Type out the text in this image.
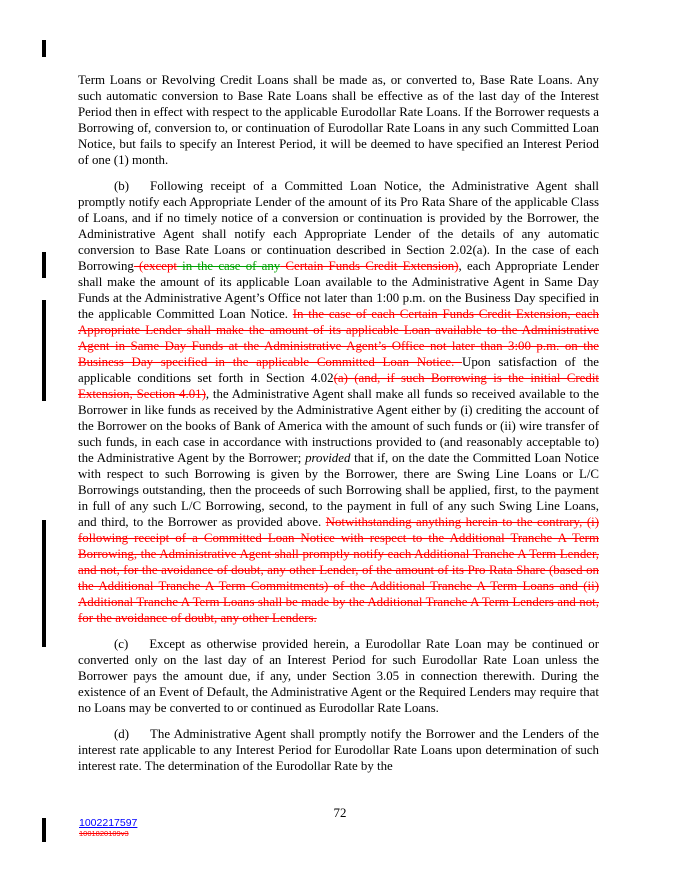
Term Loans or Revolving Credit Loans shall be made as, or converted to, Base Rate Loans. Any such automatic conversion to Base Rate Loans shall be effective as of the last day of the Interest Period then in effect with respect to the applicable Eurodollar Rate Loans. If the Borrower requests a Borrowing of, conversion to, or continuation of Eurodollar Rate Loans in any such Committed Loan Notice, but fails to specify an Interest Period, it will be deemed to have specified an Interest Period of one (1) month.

(b) Following receipt of a Committed Loan Notice, the Administrative Agent shall promptly notify each Appropriate Lender of the amount of its Pro Rata Share of the applicable Class of Loans, and if no timely notice of a conversion or continuation is provided by the Borrower, the Administrative Agent shall notify each Appropriate Lender of the details of any automatic conversion to Base Rate Loans or continuation described in Section 2.02(a). In the case of each Borrowing (except in the case of any Certain Funds Credit Extension), each Appropriate Lender shall make the amount of its applicable Loan available to the Administrative Agent in Same Day Funds at the Administrative Agent’s Office not later than 1:00 p.m. on the Business Day specified in the applicable Committed Loan Notice. In the case of each Certain Funds Credit Extension, each Appropriate Lender shall make the amount of its applicable Loan available to the Administrative Agent in Same Day Funds at the Administrative Agent’s Office not later than 3:00 p.m. on the Business Day specified in the applicable Committed Loan Notice. Upon satisfaction of the applicable conditions set forth in Section 4.02(a) (and, if such Borrowing is the initial Credit Extension, Section 4.01), the Administrative Agent shall make all funds so received available to the Borrower in like funds as received by the Administrative Agent either by (i) crediting the account of the Borrower on the books of Bank of America with the amount of such funds or (ii) wire transfer of such funds, in each case in accordance with instructions provided to (and reasonably acceptable to) the Administrative Agent by the Borrower; provided that if, on the date the Committed Loan Notice with respect to such Borrowing is given by the Borrower, there are Swing Line Loans or L/C Borrowings outstanding, then the proceeds of such Borrowing shall be applied, first, to the payment in full of any such L/C Borrowing, second, to the payment in full of any such Swing Line Loans, and third, to the Borrower as provided above. Notwithstanding anything herein to the contrary, (i) following receipt of a Committed Loan Notice with respect to the Additional Tranche A Term Borrowing, the Administrative Agent shall promptly notify each Additional Tranche A Term Lender, and not, for the avoidance of doubt, any other Lender, of the amount of its Pro Rata Share (based on the Additional Tranche A Term Commitments) of the Additional Tranche A Term Loans and (ii) Additional Tranche A Term Loans shall be made by the Additional Tranche A Term Lenders and not, for the avoidance of doubt, any other Lenders.

(c) Except as otherwise provided herein, a Eurodollar Rate Loan may be continued or converted only on the last day of an Interest Period for such Eurodollar Rate Loan unless the Borrower pays the amount due, if any, under Section 3.05 in connection therewith. During the existence of an Event of Default, the Administrative Agent or the Required Lenders may require that no Loans may be converted to or continued as Eurodollar Rate Loans.

(d) The Administrative Agent shall promptly notify the Borrower and the Lenders of the interest rate applicable to any Interest Period for Eurodollar Rate Loans upon determination of such interest rate. The determination of the Eurodollar Rate by the

72
1002217597
1001820109v3
